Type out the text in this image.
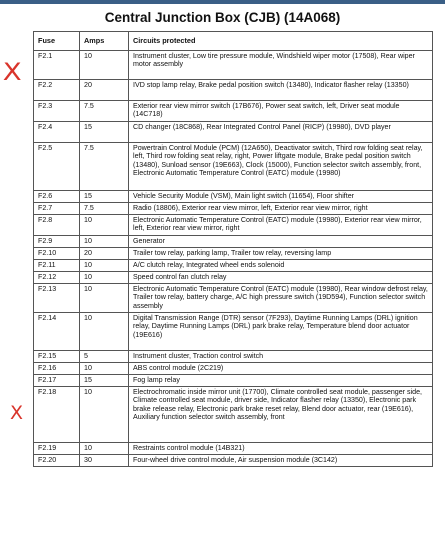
Central Junction Box (CJB) (14A068)
X
X
Fuse	Amps	Circuits protected
F2.1	10	Instrument cluster, Low tire pressure module, Windshield wiper motor (17508), Rear wiper motor assembly
F2.2	20	IVD stop lamp relay, Brake pedal position switch (13480), Indicator flasher relay (13350)
F2.3	7.5	Exterior rear view mirror switch (17B676), Power seat switch, left, Driver seat module (14C718)
F2.4	15	CD changer (18C868), Rear Integrated Control Panel (RICP) (19980), DVD player
F2.5	7.5	Powertrain Control Module (PCM) (12A650), Deactivator switch, Third row folding seat relay, left, Third row folding seat relay, right, Power liftgate module, Brake pedal position switch (13480), Sunload sensor (19E663), Clock (15000), Function selector switch assembly, front, Electronic Automatic Temperature Control (EATC) module (19980)
F2.6	15	Vehicle Security Module (VSM), Main light switch (11654), Floor shifter
F2.7	7.5	Radio (18806), Exterior rear view mirror, left, Exterior rear view mirror, right
F2.8	10	Electronic Automatic Temperature Control (EATC) module (19980), Exterior rear view mirror, left, Exterior rear view mirror, right
F2.9	10	Generator
F2.10	20	Trailer tow relay, parking lamp, Trailer tow relay, reversing lamp
F2.11	10	A/C clutch relay, Integrated wheel ends solenoid
F2.12	10	Speed control fan clutch relay
F2.13	10	Electronic Automatic Temperature Control (EATC) module (19980), Rear window defrost relay, Trailer tow relay, battery charge, A/C high pressure switch (19D594), Function selector switch assembly
F2.14	10	Digital Transmission Range (DTR) sensor (7F293), Daytime Running Lamps (DRL) ignition relay, Daytime Running Lamps (DRL) park brake relay, Temperature blend door actuator (19E616)
F2.15	5	Instrument cluster, Traction control switch
F2.16	10	ABS control module (2C219)
F2.17	15	Fog lamp relay
F2.18	10	Electrochromatic inside mirror unit (17700), Climate controlled seat module, passenger side, Climate controlled seat module, driver side, Indicator flasher relay (13350), Electronic park brake release relay, Electronic park brake reset relay, Blend door actuator, rear (19E616), Auxiliary function selector switch assembly, front
F2.19	10	Restraints control module (14B321)
F2.20	30	Four-wheel drive control module, Air suspension module (3C142)
